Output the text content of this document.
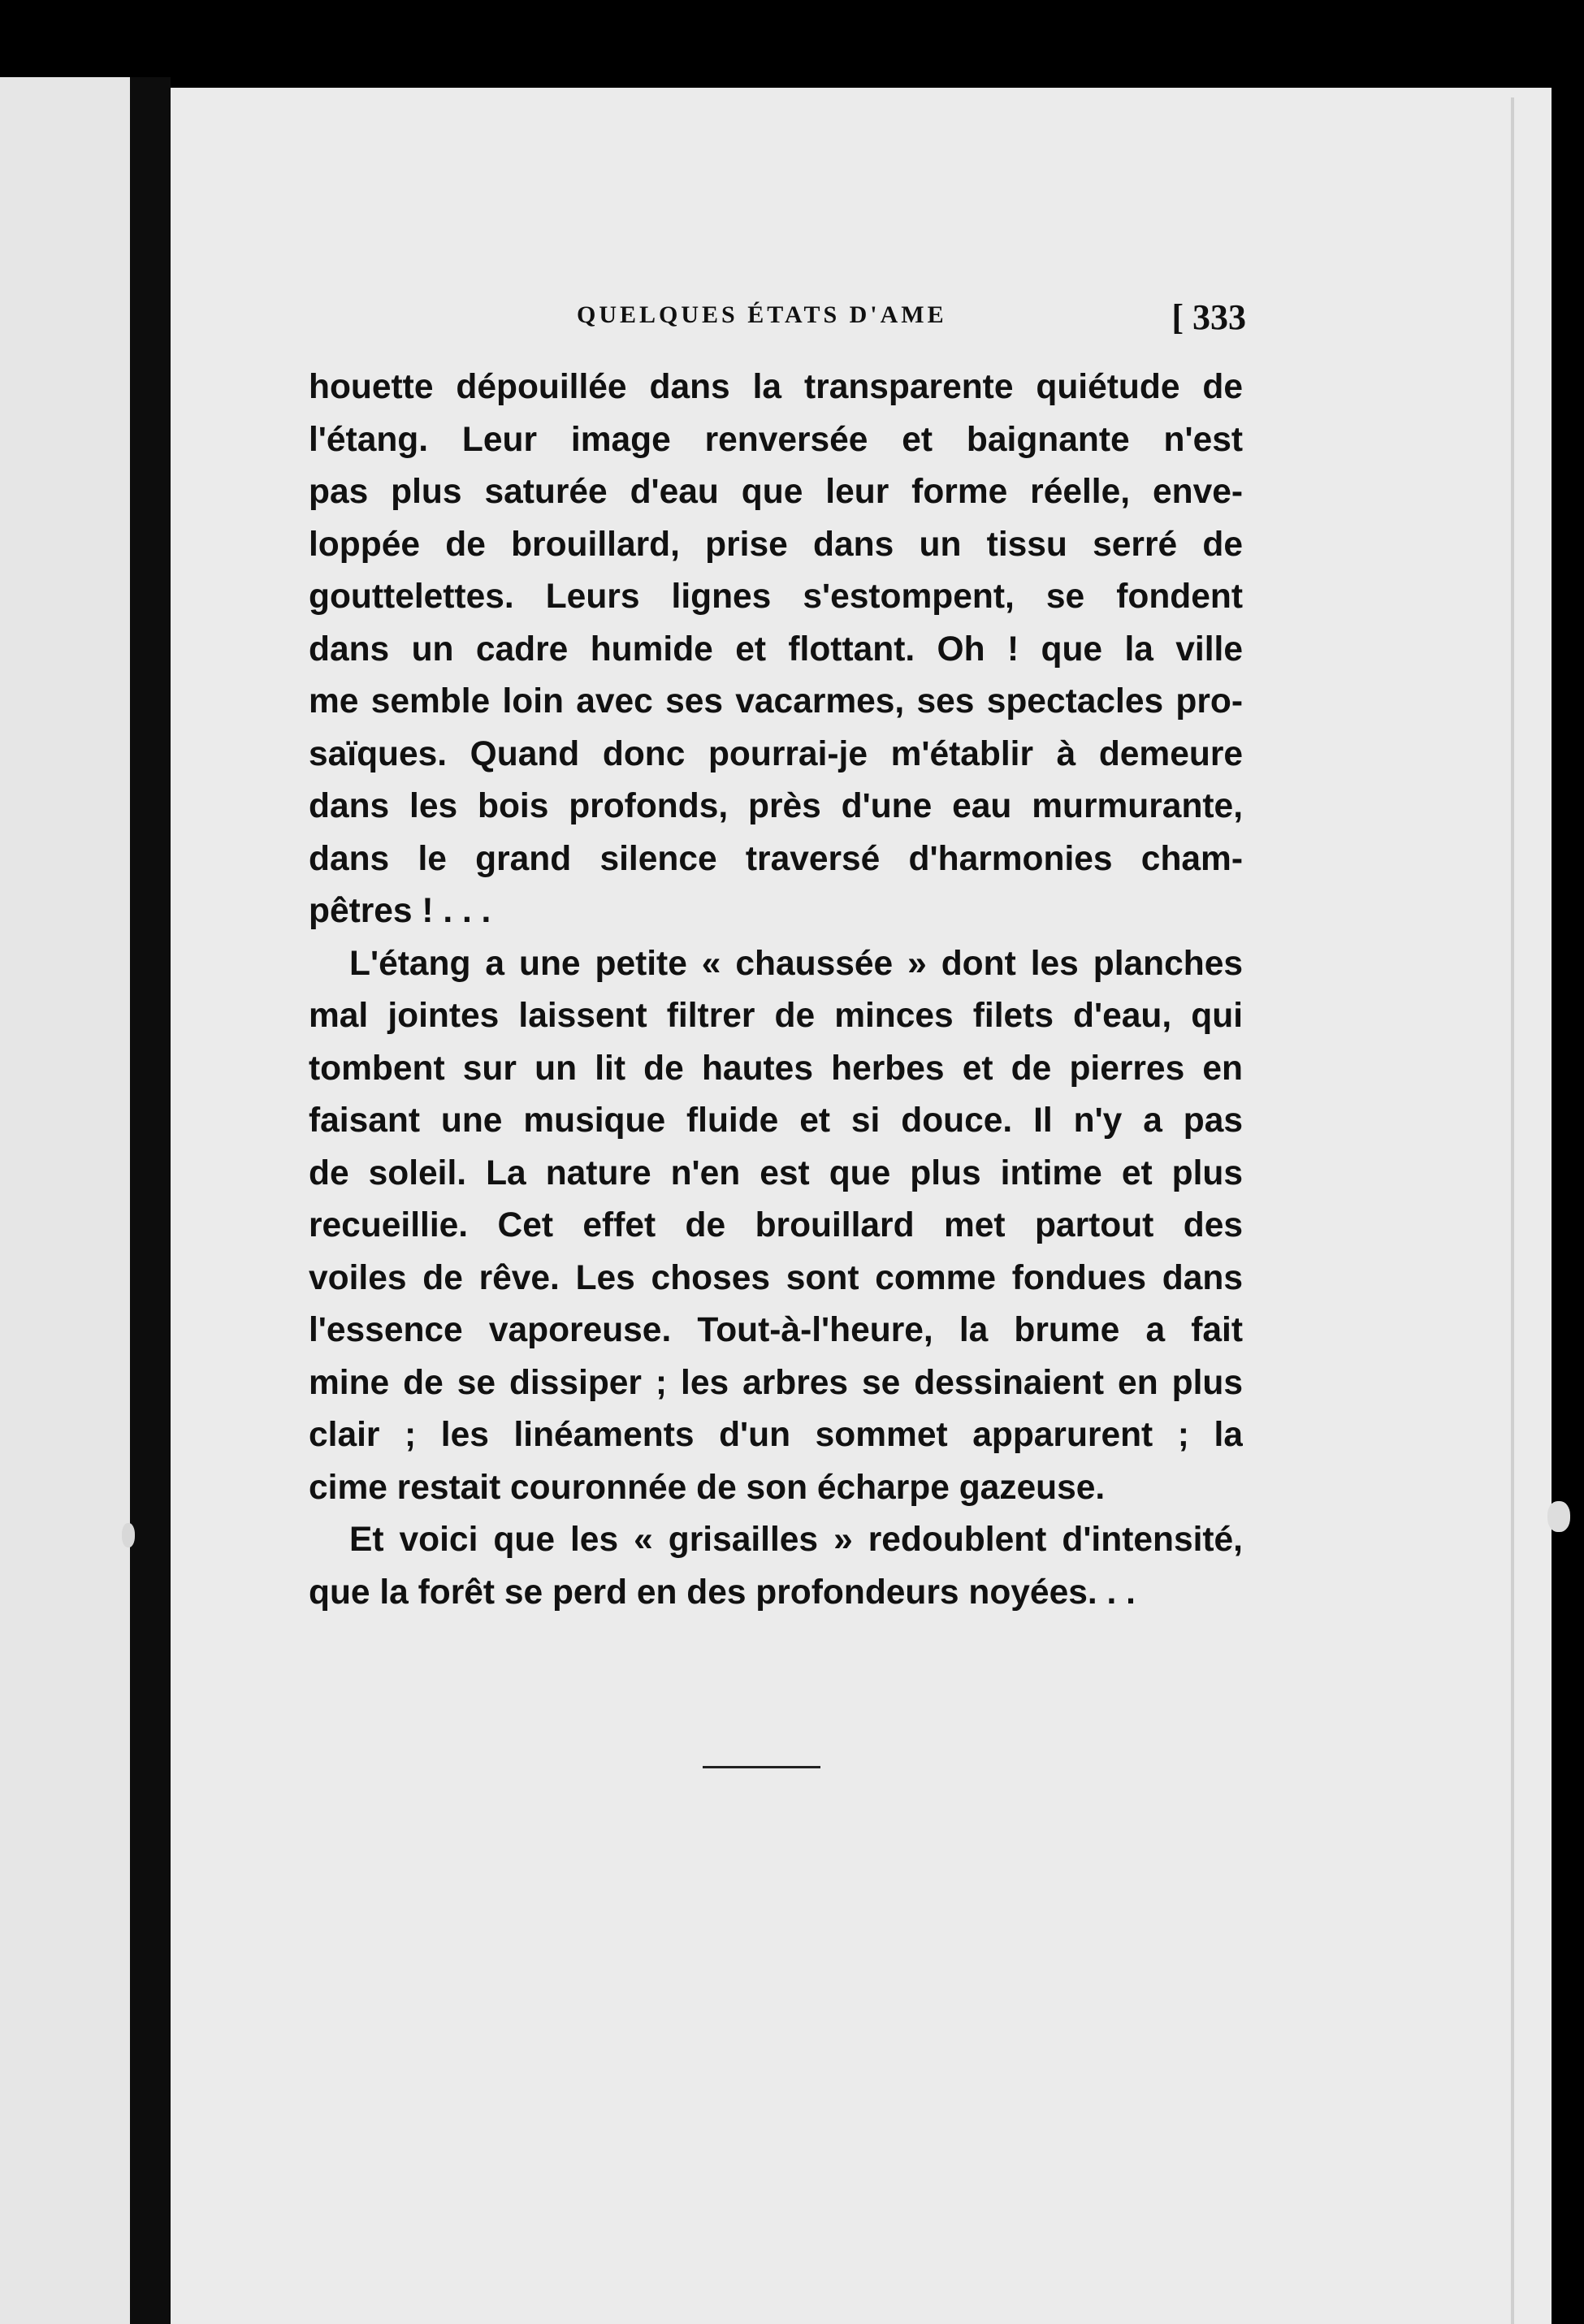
QUELQUES ÉTATS D'AME	[ 333
houette dépouillée dans la transparente quiétude de
l'étang. Leur image renversée et baignante n'est
pas plus saturée d'eau que leur forme réelle, enve-
loppée de brouillard, prise dans un tissu serré de
gouttelettes. Leurs lignes s'estompent, se fondent
dans un cadre humide et flottant. Oh ! que la ville
me semble loin avec ses vacarmes, ses spectacles pro-
saïques. Quand donc pourrai-je m'établir à demeure
dans les bois profonds, près d'une eau murmurante,
dans le grand silence traversé d'harmonies cham-
pêtres ! . . .
L'étang a une petite « chaussée » dont les planches
mal jointes laissent filtrer de minces filets d'eau, qui
tombent sur un lit de hautes herbes et de pierres en
faisant une musique fluide et si douce. Il n'y a pas
de soleil. La nature n'en est que plus intime et plus
recueillie. Cet effet de brouillard met partout des
voiles de rêve. Les choses sont comme fondues dans
l'essence vaporeuse. Tout-à-l'heure, la brume a fait
mine de se dissiper ; les arbres se dessinaient en plus
clair ; les linéaments d'un sommet apparurent ; la
cime restait couronnée de son écharpe gazeuse.
Et voici que les « grisailles » redoublent d'intensité,
que la forêt se perd en des profondeurs noyées. . .
